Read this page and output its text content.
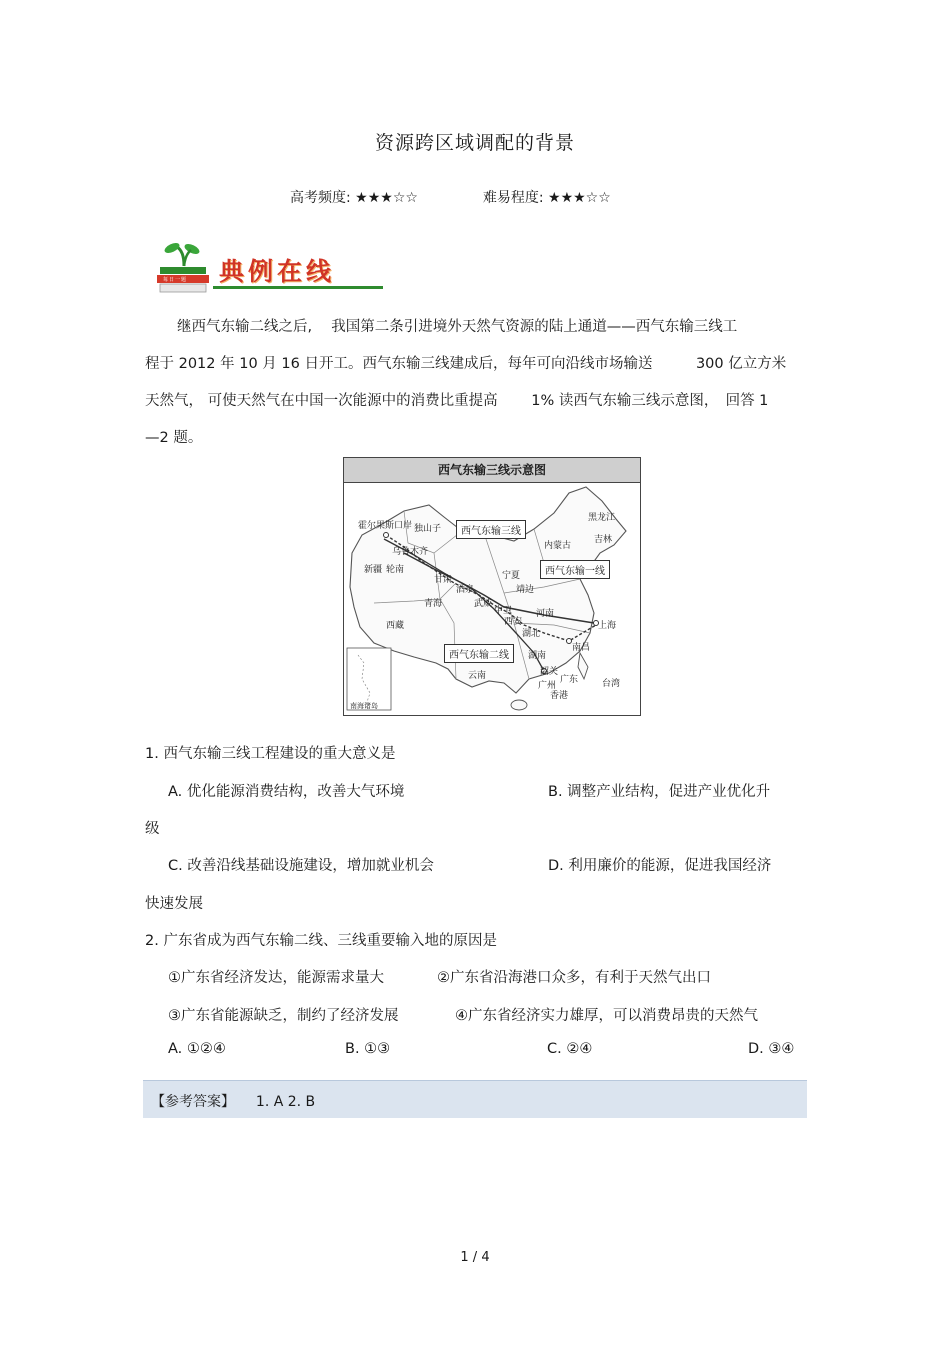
资源跨区域调配的背景
高考频度: ★★★☆☆	难易程度: ★★★☆☆
每日一题 典例在线
继西气东输二线之后,　 我国第二条引进境外天然气资源的陆上通道——西气东输三线工
程于 2012 年 10 月 16 日开工。西气东输三线建成后，每年可向沿线市场输送　　　300 亿立方米
天然气， 可使天然气在中国一次能源中的消费比重提高　　 1% 读西气东输三线示意图，　回答 1
—2 题。
西气东输三线示意图
霍尔果斯口岸 独山子
乌鲁木齐
新疆 轮南
甘肃
酒泉
武威
宁夏
中卫
青海
西藏
内蒙古
黑龙江
吉林
靖边
西安
河南
湖北
上海
南昌
湖南
韶关
广东
广州
香港
台湾
云南
南海诸岛
西气东输三线
西气东输一线
西气东输二线
1. 西气东输三线工程建设的重大意义是
A. 优化能源消费结构，改善大气环境	B. 调整产业结构，促进产业优化升
级
C. 改善沿线基础设施建设，增加就业机会	D. 利用廉价的能源，促进我国经济
快速发展
2. 广东省成为西气东输二线、三线重要输入地的原因是
①广东省经济发达，能源需求量大	②广东省沿海港口众多，有利于天然气出口
③广东省能源缺乏，制约了经济发展	④广东省经济实力雄厚，可以消费昂贵的天然气
A. ①②④	B. ①③	C. ②④	D. ③④
【参考答案】 1. A 2. B
1 / 4
